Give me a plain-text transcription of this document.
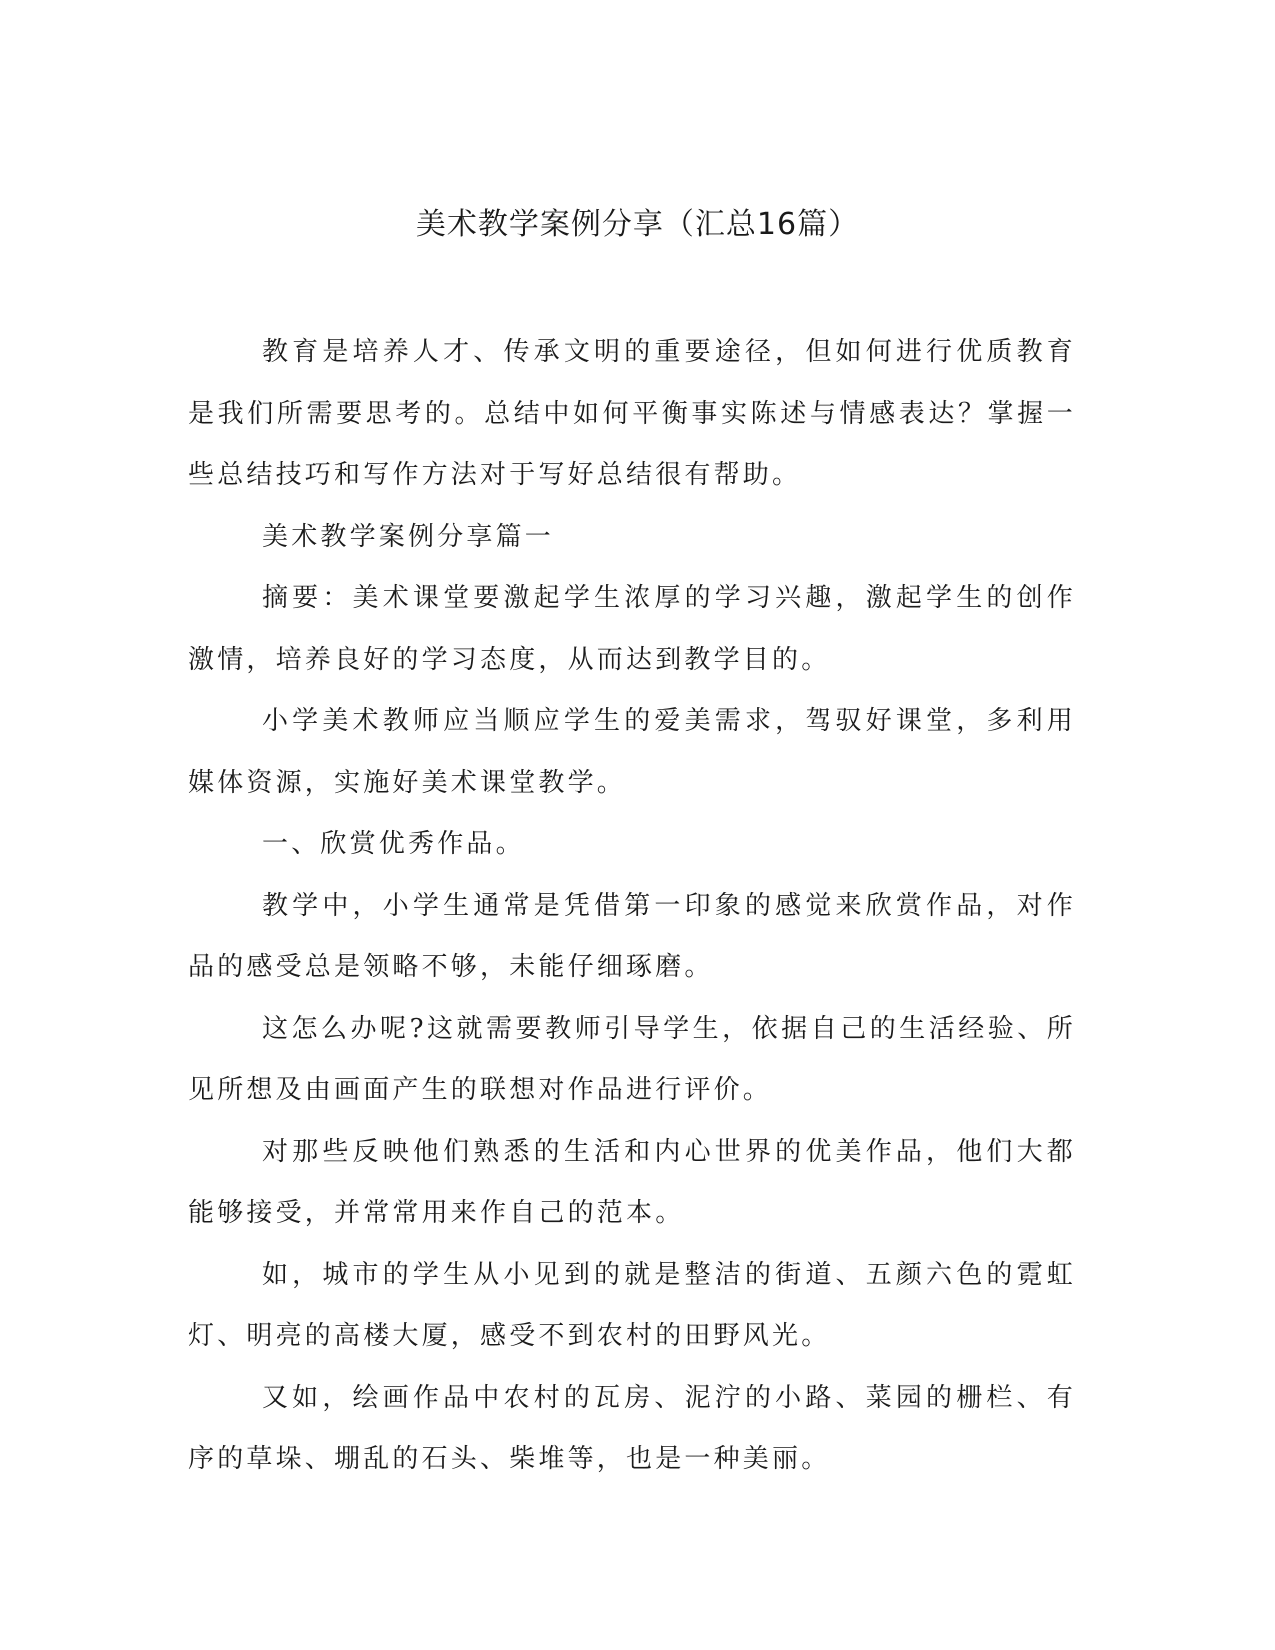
美术教学案例分享（汇总16篇）

教育是培养人才、传承文明的重要途径，但如何进行优质教育是我们所需要思考的。总结中如何平衡事实陈述与情感表达？掌握一些总结技巧和写作方法对于写好总结很有帮助。

美术教学案例分享篇一

摘要：美术课堂要激起学生浓厚的学习兴趣，激起学生的创作激情，培养良好的学习态度，从而达到教学目的。

小学美术教师应当顺应学生的爱美需求，驾驭好课堂，多利用媒体资源，实施好美术课堂教学。

一、欣赏优秀作品。

教学中，小学生通常是凭借第一印象的感觉来欣赏作品，对作品的感受总是领略不够，未能仔细琢磨。

这怎么办呢?这就需要教师引导学生，依据自己的生活经验、所见所想及由画面产生的联想对作品进行评价。

对那些反映他们熟悉的生活和内心世界的优美作品，他们大都能够接受，并常常用来作自己的范本。

如，城市的学生从小见到的就是整洁的街道、五颜六色的霓虹灯、明亮的高楼大厦，感受不到农村的田野风光。

又如，绘画作品中农村的瓦房、泥泞的小路、菜园的栅栏、有序的草垛、堋乱的石头、柴堆等，也是一种美丽。
